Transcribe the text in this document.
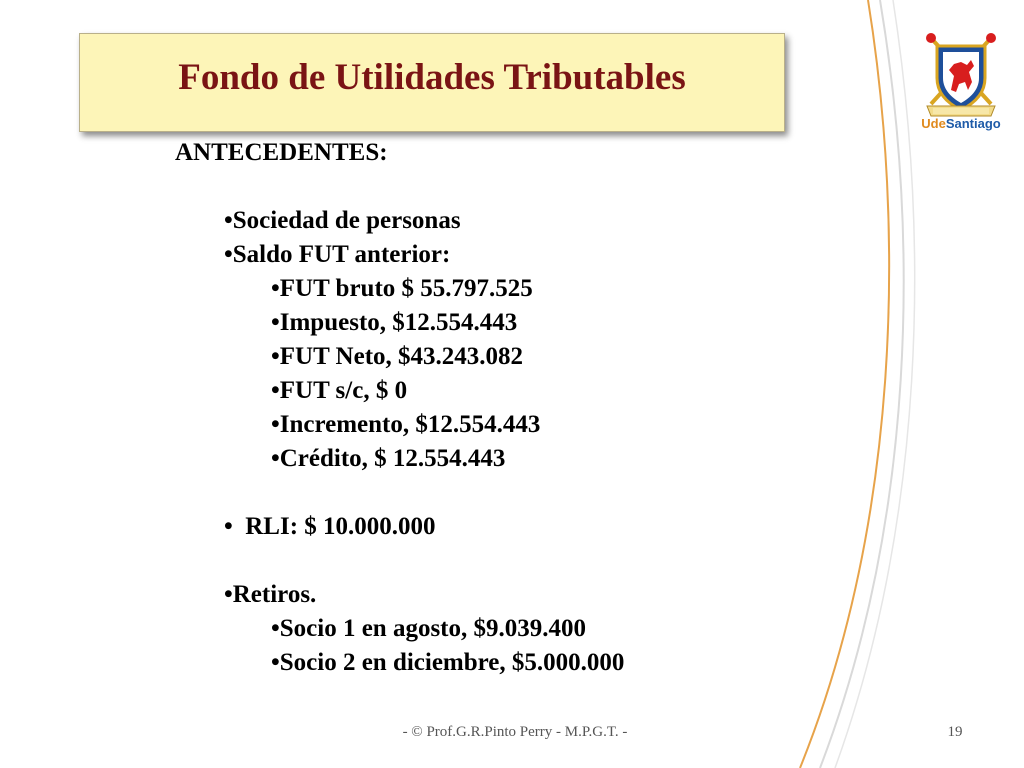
Fondo de Utilidades Tributables
ANTECEDENTES:
•Sociedad de personas
•Saldo FUT anterior:
•FUT bruto $ 55.797.525
•Impuesto, $12.554.443
•FUT Neto, $43.243.082
•FUT s/c, $ 0
•Incremento, $12.554.443
•Crédito, $ 12.554.443
•  RLI: $ 10.000.000
•Retiros.
•Socio 1 en agosto, $9.039.400
•Socio 2 en diciembre, $5.000.000
UdeSantiago
- © Prof.G.R.Pinto Perry - M.P.G.T. -	19
